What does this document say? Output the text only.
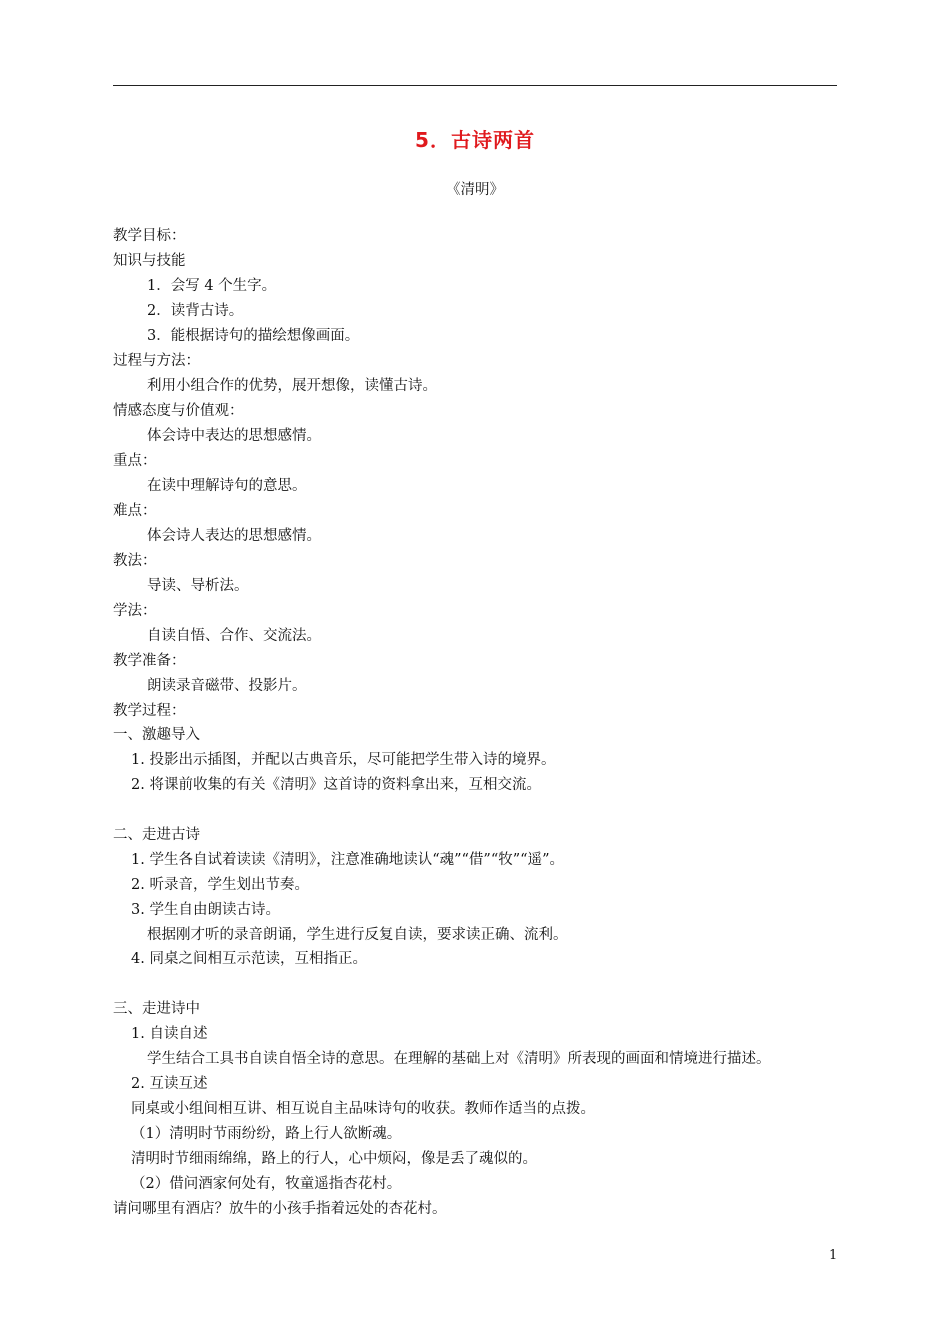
5．古诗两首
《清明》
教学目标：
知识与技能
1．会写 4 个生字。
2．读背古诗。
3．能根据诗句的描绘想像画面。
过程与方法：
利用小组合作的优势，展开想像，读懂古诗。
情感态度与价值观：
体会诗中表达的思想感情。
重点：
在读中理解诗句的意思。
难点：
体会诗人表达的思想感情。
教法：
导读、导析法。
学法：
自读自悟、合作、交流法。
教学准备：
朗读录音磁带、投影片。
教学过程：
一、激趣导入
1. 投影出示插图，并配以古典音乐，尽可能把学生带入诗的境界。
2. 将课前收集的有关《清明》这首诗的资料拿出来，互相交流。
二、走进古诗
1. 学生各自试着读读《清明》，注意准确地读认“魂”“借”“牧”“遥”。
2. 听录音，学生划出节奏。
3. 学生自由朗读古诗。
根据刚才听的录音朗诵，学生进行反复自读，要求读正确、流利。
4. 同桌之间相互示范读，互相指正。
三、走进诗中
1. 自读自述
学生结合工具书自读自悟全诗的意思。在理解的基础上对《清明》所表现的画面和情境进行描述。
2. 互读互述
同桌或小组间相互讲、相互说自主品味诗句的收获。教师作适当的点拨。
（1）清明时节雨纷纷，路上行人欲断魂。
清明时节细雨绵绵，路上的行人，心中烦闷，像是丢了魂似的。
（2）借问酒家何处有，牧童遥指杏花村。
请问哪里有酒店？放牛的小孩手指着远处的杏花村。
1
